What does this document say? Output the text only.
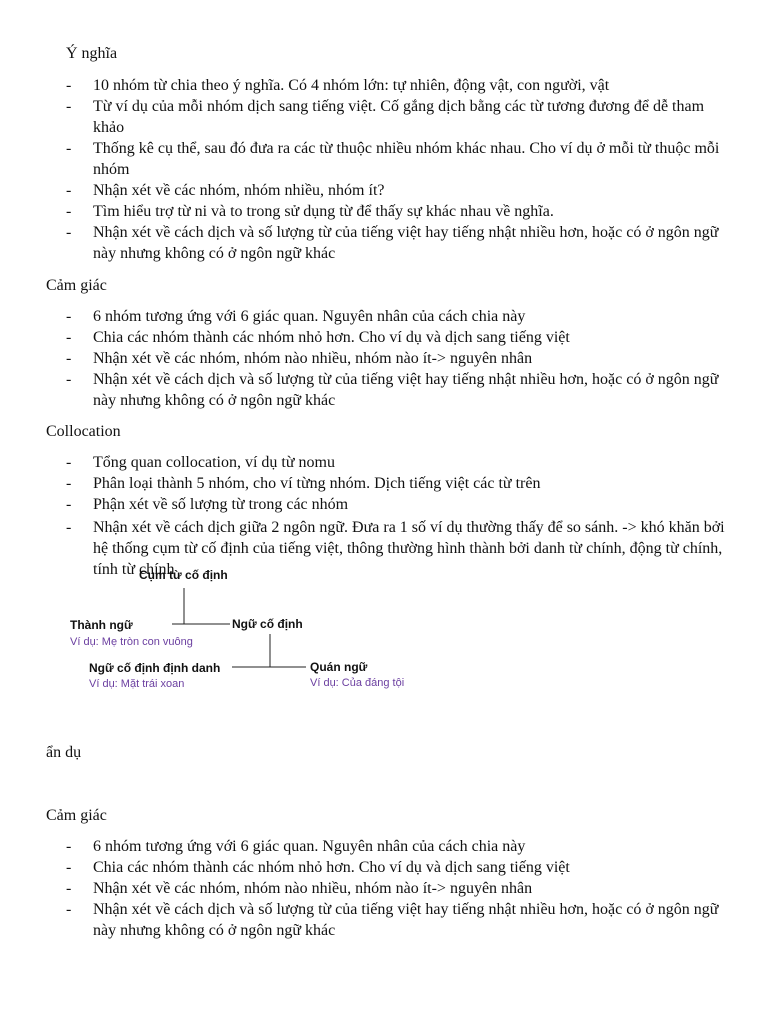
Ý nghĩa
- 10 nhóm từ chia theo ý nghĩa. Có 4 nhóm lớn: tự nhiên, động vật, con người, vật
- Từ ví dụ của mỗi nhóm dịch sang tiếng việt. Cố gắng dịch bằng các từ tương đương để dễ tham khảo
- Thống kê cụ thể, sau đó đưa ra các từ thuộc nhiều nhóm khác nhau. Cho ví dụ ở mỗi từ thuộc mỗi nhóm
- Nhận xét về các nhóm, nhóm nhiều, nhóm ít?
- Tìm hiểu trợ từ ni và to trong sử dụng từ để thấy sự khác nhau về nghĩa.
- Nhận xét về cách dịch và số lượng từ của tiếng việt hay tiếng nhật nhiều hơn, hoặc có ở ngôn ngữ này nhưng không có ở ngôn ngữ khác
Cảm giác
- 6 nhóm tương ứng với 6 giác quan. Nguyên nhân của cách chia này
- Chia các nhóm thành các nhóm nhỏ hơn. Cho ví dụ và dịch sang tiếng việt
- Nhận xét về các nhóm, nhóm nào nhiều, nhóm nào ít-> nguyên nhân
- Nhận xét về cách dịch và số lượng từ của tiếng việt hay tiếng nhật nhiều hơn, hoặc có ở ngôn ngữ này nhưng không có ở ngôn ngữ khác
Collocation
- Tổng quan collocation, ví dụ từ nomu
- Phân loại thành 5 nhóm, cho ví từng nhóm. Dịch tiếng việt các từ trên
- Phận xét về số lượng từ trong các nhóm
- Nhận xét về cách dịch giữa 2 ngôn ngữ. Đưa ra 1 số ví dụ thường thấy để so sánh. -> khó khăn bởi hệ thống cụm từ cố định của tiếng việt, thông thường hình thành bởi danh từ chính, động từ chính, tính từ chính
Cụm từ cố định
Thành ngữ
Ví dụ: Mẹ tròn con vuông
Ngữ cố định
Ngữ cố định định danh
Ví dụ: Mặt trái xoan
Quán ngữ
Ví dụ: Của đáng tội
ẩn dụ
Cảm giác
- 6 nhóm tương ứng với 6 giác quan. Nguyên nhân của cách chia này
- Chia các nhóm thành các nhóm nhỏ hơn. Cho ví dụ và dịch sang tiếng việt
- Nhận xét về các nhóm, nhóm nào nhiều, nhóm nào ít-> nguyên nhân
- Nhận xét về cách dịch và số lượng từ của tiếng việt hay tiếng nhật nhiều hơn, hoặc có ở ngôn ngữ này nhưng không có ở ngôn ngữ khác
